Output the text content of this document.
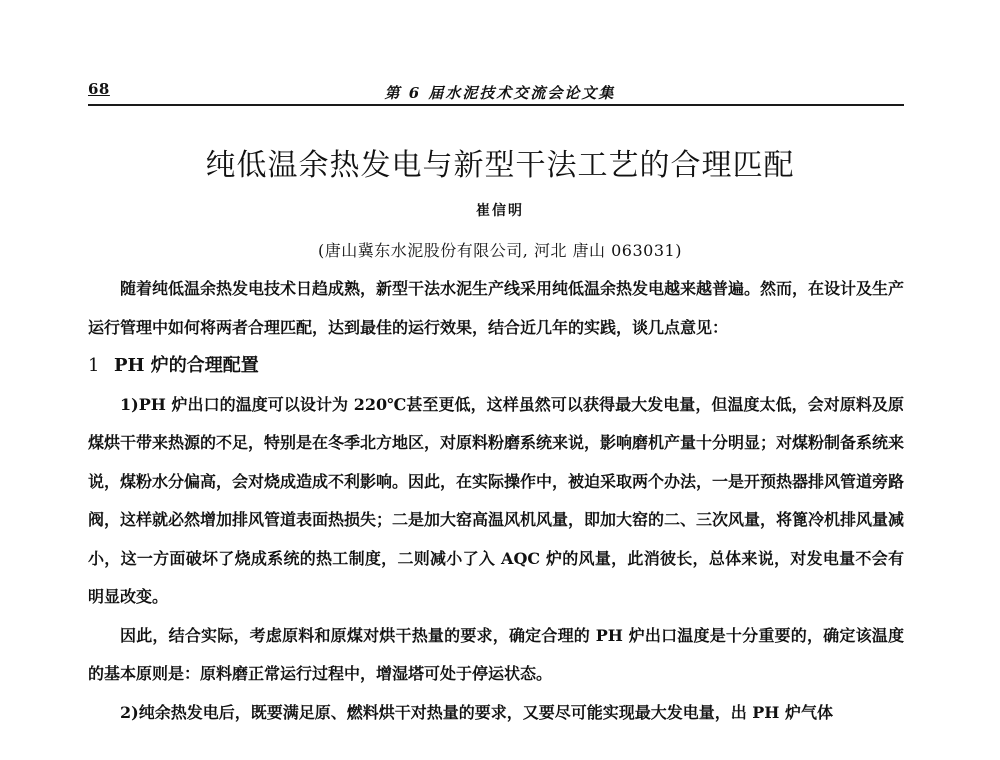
68	第 6 届水泥技术交流会论文集
纯低温余热发电与新型干法工艺的合理匹配
崔信明
(唐山冀东水泥股份有限公司, 河北 唐山 063031)

随着纯低温余热发电技术日趋成熟，新型干法水泥生产线采用纯低温余热发电越来越普遍。然而，在设计及生产运行管理中如何将两者合理匹配，达到最佳的运行效果，结合近几年的实践，谈几点意见：

1 PH 炉的合理配置

1)PH 炉出口的温度可以设计为 220℃甚至更低，这样虽然可以获得最大发电量，但温度太低，会对原料及原煤烘干带来热源的不足，特别是在冬季北方地区，对原料粉磨系统来说，影响磨机产量十分明显；对煤粉制备系统来说，煤粉水分偏高，会对烧成造成不利影响。因此，在实际操作中，被迫采取两个办法，一是开预热器排风管道旁路阀，这样就必然增加排风管道表面热损失；二是加大窑高温风机风量，即加大窑的二、三次风量，将篦冷机排风量减小，这一方面破坏了烧成系统的热工制度，二则减小了入 AQC 炉的风量，此消彼长，总体来说，对发电量不会有明显改变。

因此，结合实际，考虑原料和原煤对烘干热量的要求，确定合理的 PH 炉出口温度是十分重要的，确定该温度的基本原则是：原料磨正常运行过程中，增湿塔可处于停运状态。

2)纯余热发电后，既要满足原、燃料烘干对热量的要求，又要尽可能实现最大发电量，出 PH 炉气体
